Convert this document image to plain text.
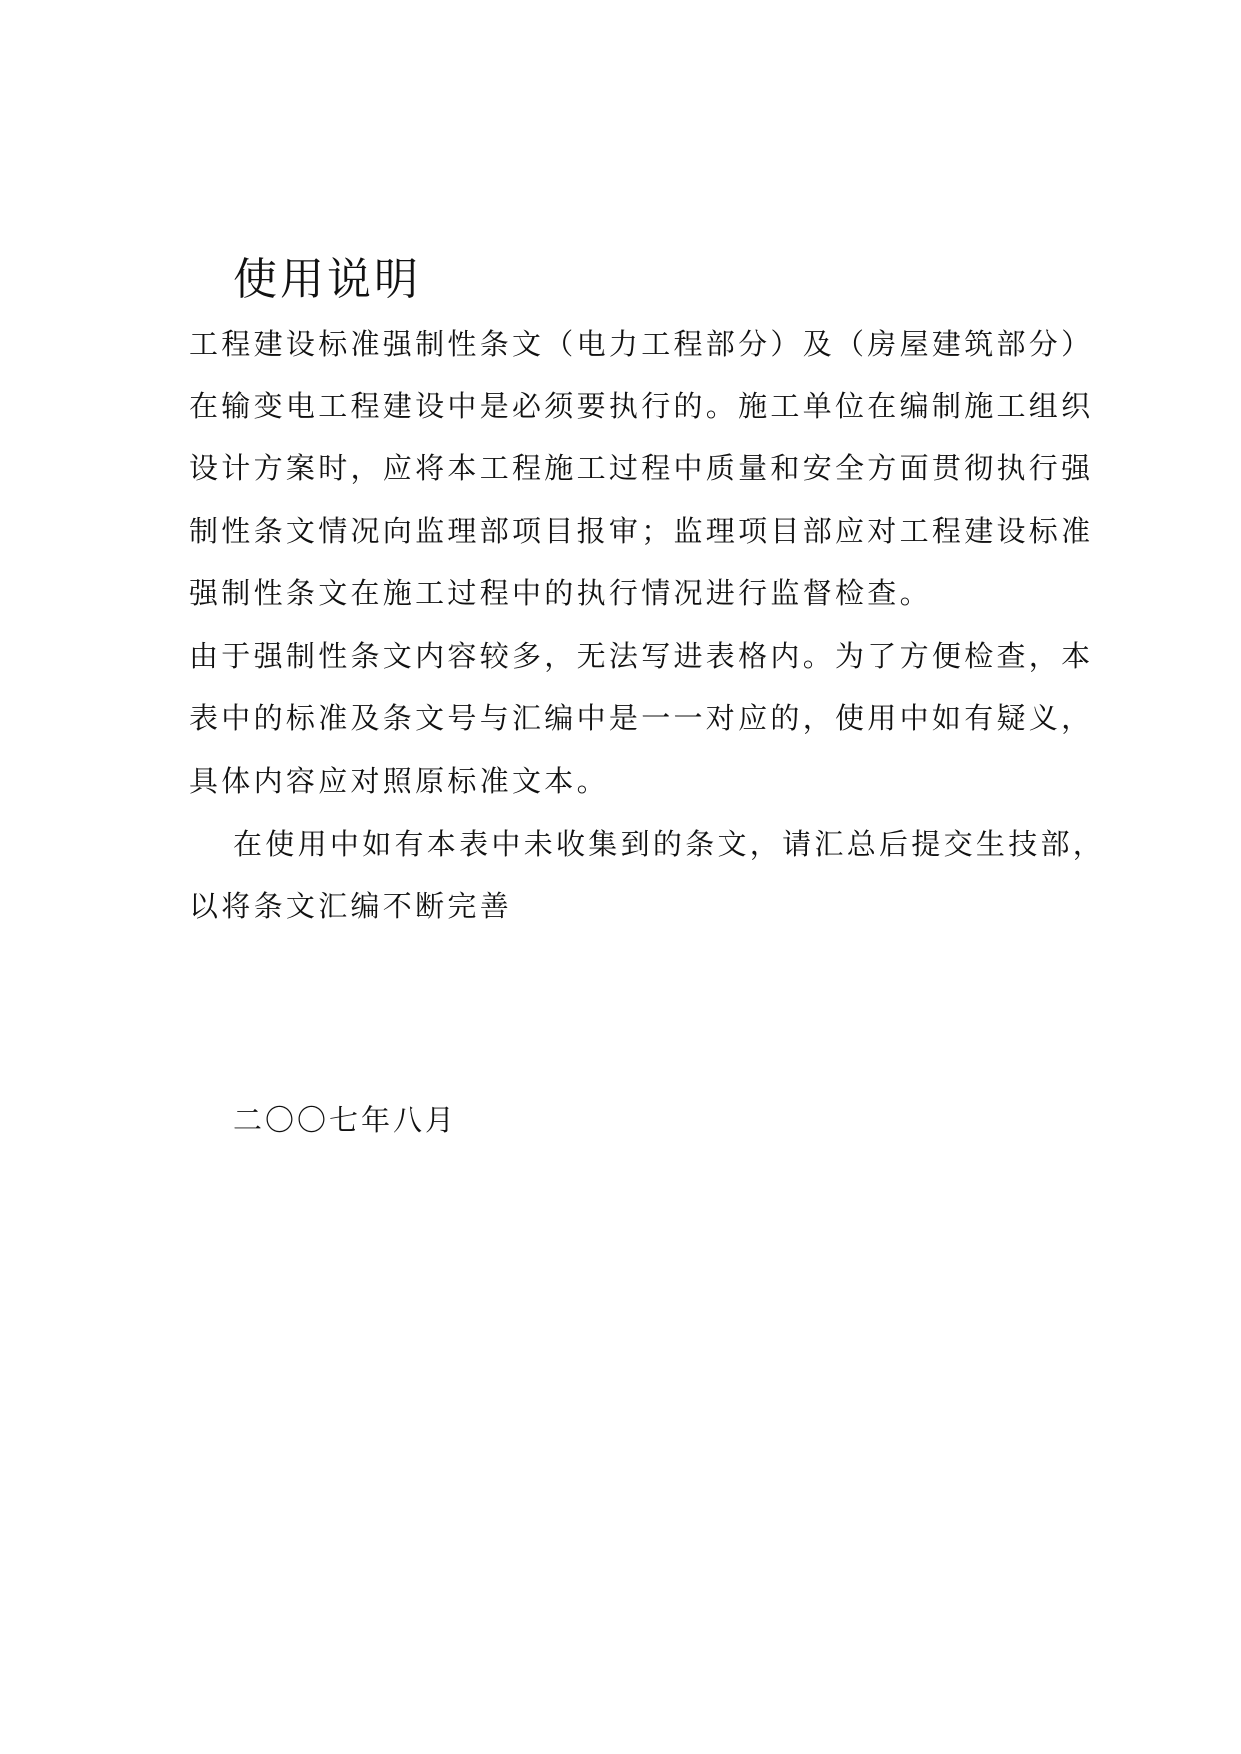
使用说明
工程建设标准强制性条文（电力工程部分）及（房屋建筑部分）
在输变电工程建设中是必须要执行的。施工单位在编制施工组织
设计方案时，应将本工程施工过程中质量和安全方面贯彻执行强
制性条文情况向监理部项目报审；监理项目部应对工程建设标准
强制性条文在施工过程中的执行情况进行监督检查。
由于强制性条文内容较多，无法写进表格内。为了方便检查，本
表中的标准及条文号与汇编中是一一对应的，使用中如有疑义，
具体内容应对照原标准文本。
在使用中如有本表中未收集到的条文，请汇总后提交生技部，
以将条文汇编不断完善
二〇〇七年八月
